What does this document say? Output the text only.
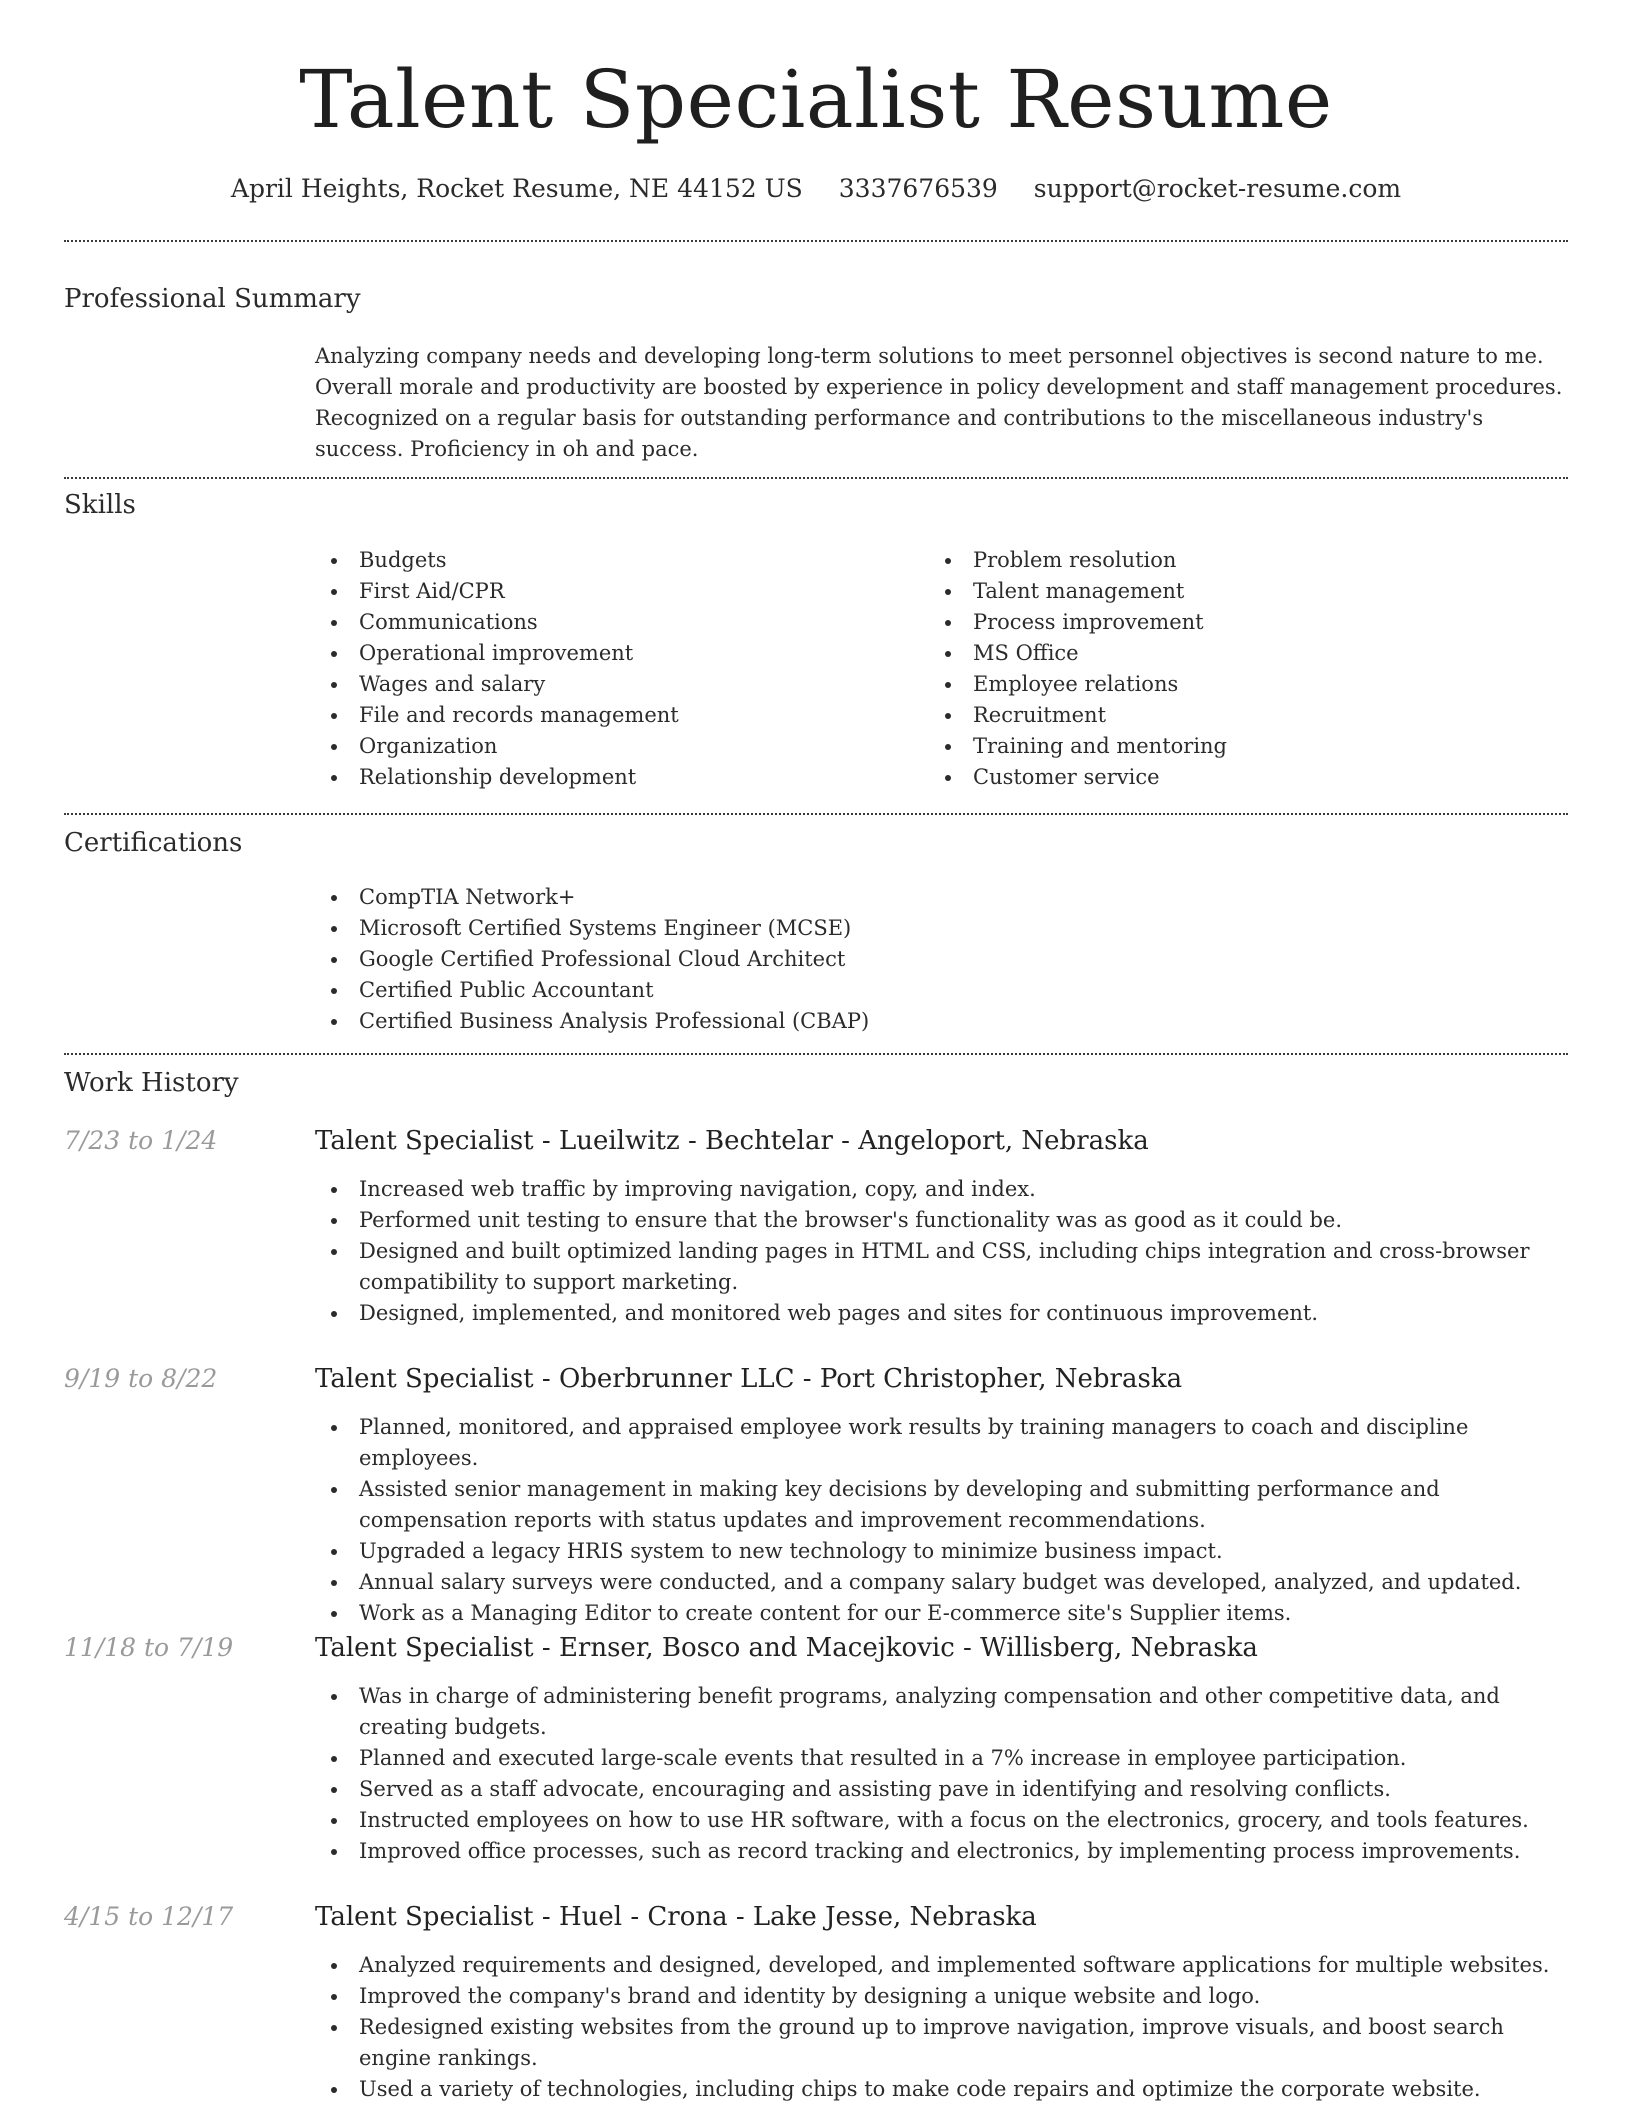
Talent Specialist Resume
April Heights, Rocket Resume, NE 44152 US 3337676539 support@rocket-resume.com
Professional Summary

Analyzing company needs and developing long-term solutions to meet personnel objectives is second nature to me. Overall morale and productivity are boosted by experience in policy development and staff management procedures. Recognized on a regular basis for outstanding performance and contributions to the miscellaneous industry's success. Proficiency in oh and pace.

Skills
Budgets
First Aid/CPR
Communications
Operational improvement
Wages and salary
File and records management
Organization
Relationship development
Problem resolution
Talent management
Process improvement
MS Office
Employee relations
Recruitment
Training and mentoring
Customer service
Certifications
CompTIA Network+
Microsoft Certified Systems Engineer (MCSE)
Google Certified Professional Cloud Architect
Certified Public Accountant
Certified Business Analysis Professional (CBAP)
Work History
7/23 to 1/24	Talent Specialist - Lueilwitz - Bechtelar - Angeloport, Nebraska
Increased web traffic by improving navigation, copy, and index.
Performed unit testing to ensure that the browser's functionality was as good as it could be.
Designed and built optimized landing pages in HTML and CSS, including chips integration and cross-browser compatibility to support marketing.
Designed, implemented, and monitored web pages and sites for continuous improvement.
9/19 to 8/22	Talent Specialist - Oberbrunner LLC - Port Christopher, Nebraska
Planned, monitored, and appraised employee work results by training managers to coach and discipline employees.
Assisted senior management in making key decisions by developing and submitting performance and compensation reports with status updates and improvement recommendations.
Upgraded a legacy HRIS system to new technology to minimize business impact.
Annual salary surveys were conducted, and a company salary budget was developed, analyzed, and updated.
Work as a Managing Editor to create content for our E-commerce site's Supplier items.
11/18 to 7/19	Talent Specialist - Ernser, Bosco and Macejkovic - Willisberg, Nebraska
Was in charge of administering benefit programs, analyzing compensation and other competitive data, and creating budgets.
Planned and executed large-scale events that resulted in a 7% increase in employee participation.
Served as a staff advocate, encouraging and assisting pave in identifying and resolving conflicts.
Instructed employees on how to use HR software, with a focus on the electronics, grocery, and tools features.
Improved office processes, such as record tracking and electronics, by implementing process improvements.
4/15 to 12/17	Talent Specialist - Huel - Crona - Lake Jesse, Nebraska
Analyzed requirements and designed, developed, and implemented software applications for multiple websites.
Improved the company's brand and identity by designing a unique website and logo.
Redesigned existing websites from the ground up to improve navigation, improve visuals, and boost search engine rankings.
Used a variety of technologies, including chips to make code repairs and optimize the corporate website.
